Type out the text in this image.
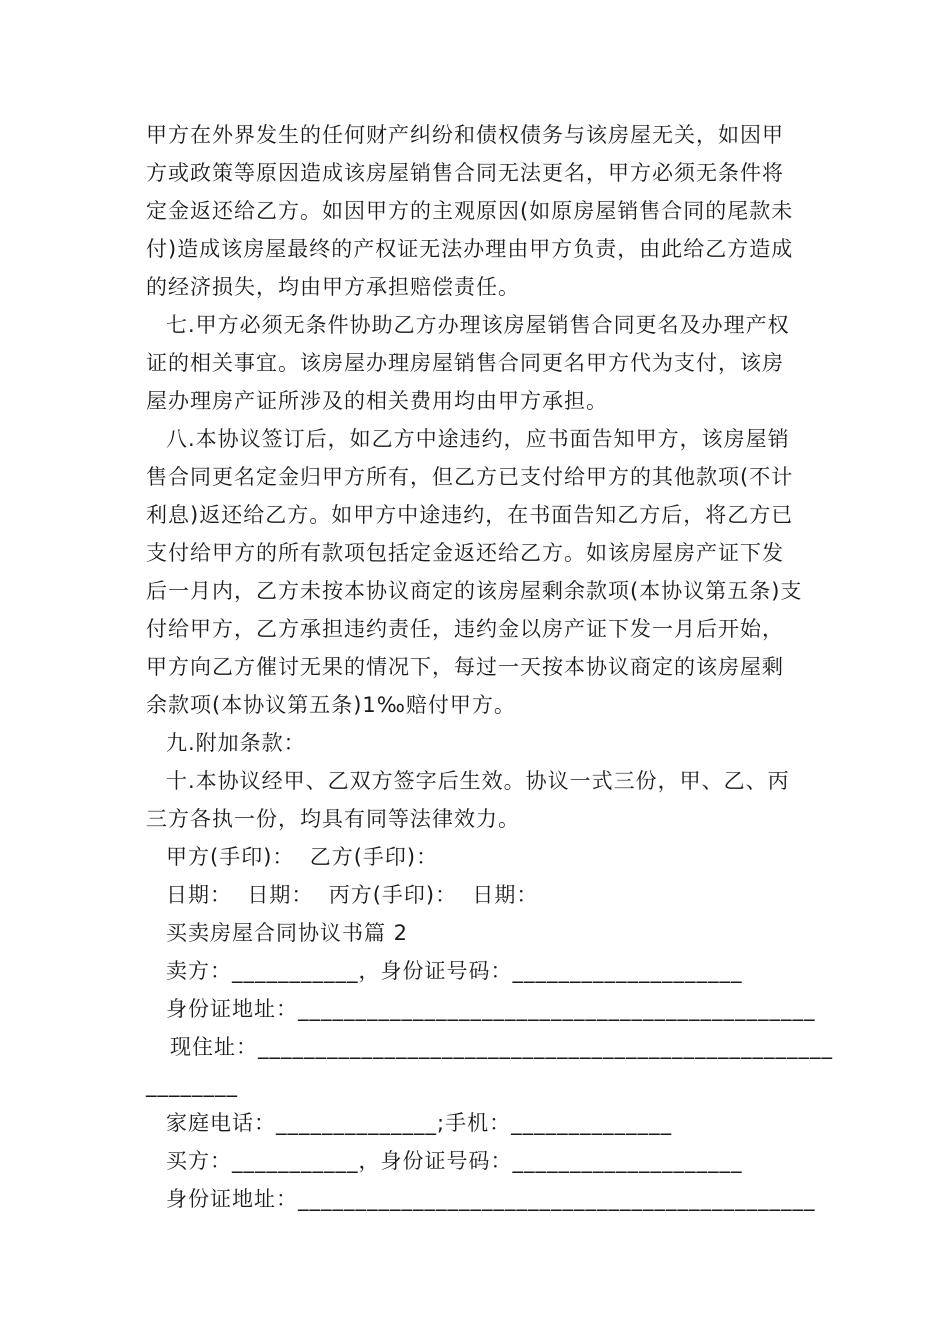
甲方在外界发生的任何财产纠纷和债权债务与该房屋无关，如因甲
方或政策等原因造成该房屋销售合同无法更名，甲方必须无条件将
定金返还给乙方。如因甲方的主观原因(如原房屋销售合同的尾款未
付)造成该房屋最终的产权证无法办理由甲方负责，由此给乙方造成
的经济损失，均由甲方承担赔偿责任。
七.甲方必须无条件协助乙方办理该房屋销售合同更名及办理产权
证的相关事宜。该房屋办理房屋销售合同更名甲方代为支付，该房
屋办理房产证所涉及的相关费用均由甲方承担。
八.本协议签订后，如乙方中途违约，应书面告知甲方，该房屋销
售合同更名定金归甲方所有，但乙方已支付给甲方的其他款项(不计
利息)返还给乙方。如甲方中途违约，在书面告知乙方后，将乙方已
支付给甲方的所有款项包括定金返还给乙方。如该房屋房产证下发
后一月内，乙方未按本协议商定的该房屋剩余款项(本协议第五条)支
付给甲方，乙方承担违约责任，违约金以房产证下发一月后开始，
甲方向乙方催讨无果的情况下，每过一天按本协议商定的该房屋剩
余款项(本协议第五条)1‰赔付甲方。
九.附加条款：
十.本协议经甲、乙双方签字后生效。协议一式三份，甲、乙、丙
三方各执一份，均具有同等法律效力。
甲方(手印)：  乙方(手印)：
日期：  日期：  丙方(手印)：  日期：
买卖房屋合同协议书篇 2
卖方：___________，身份证号码：____________________
身份证地址：_____________________________________________
现住址：__________________________________________________
________
家庭电话：______________;手机：______________
买方：___________，身份证号码：____________________
身份证地址：_____________________________________________
